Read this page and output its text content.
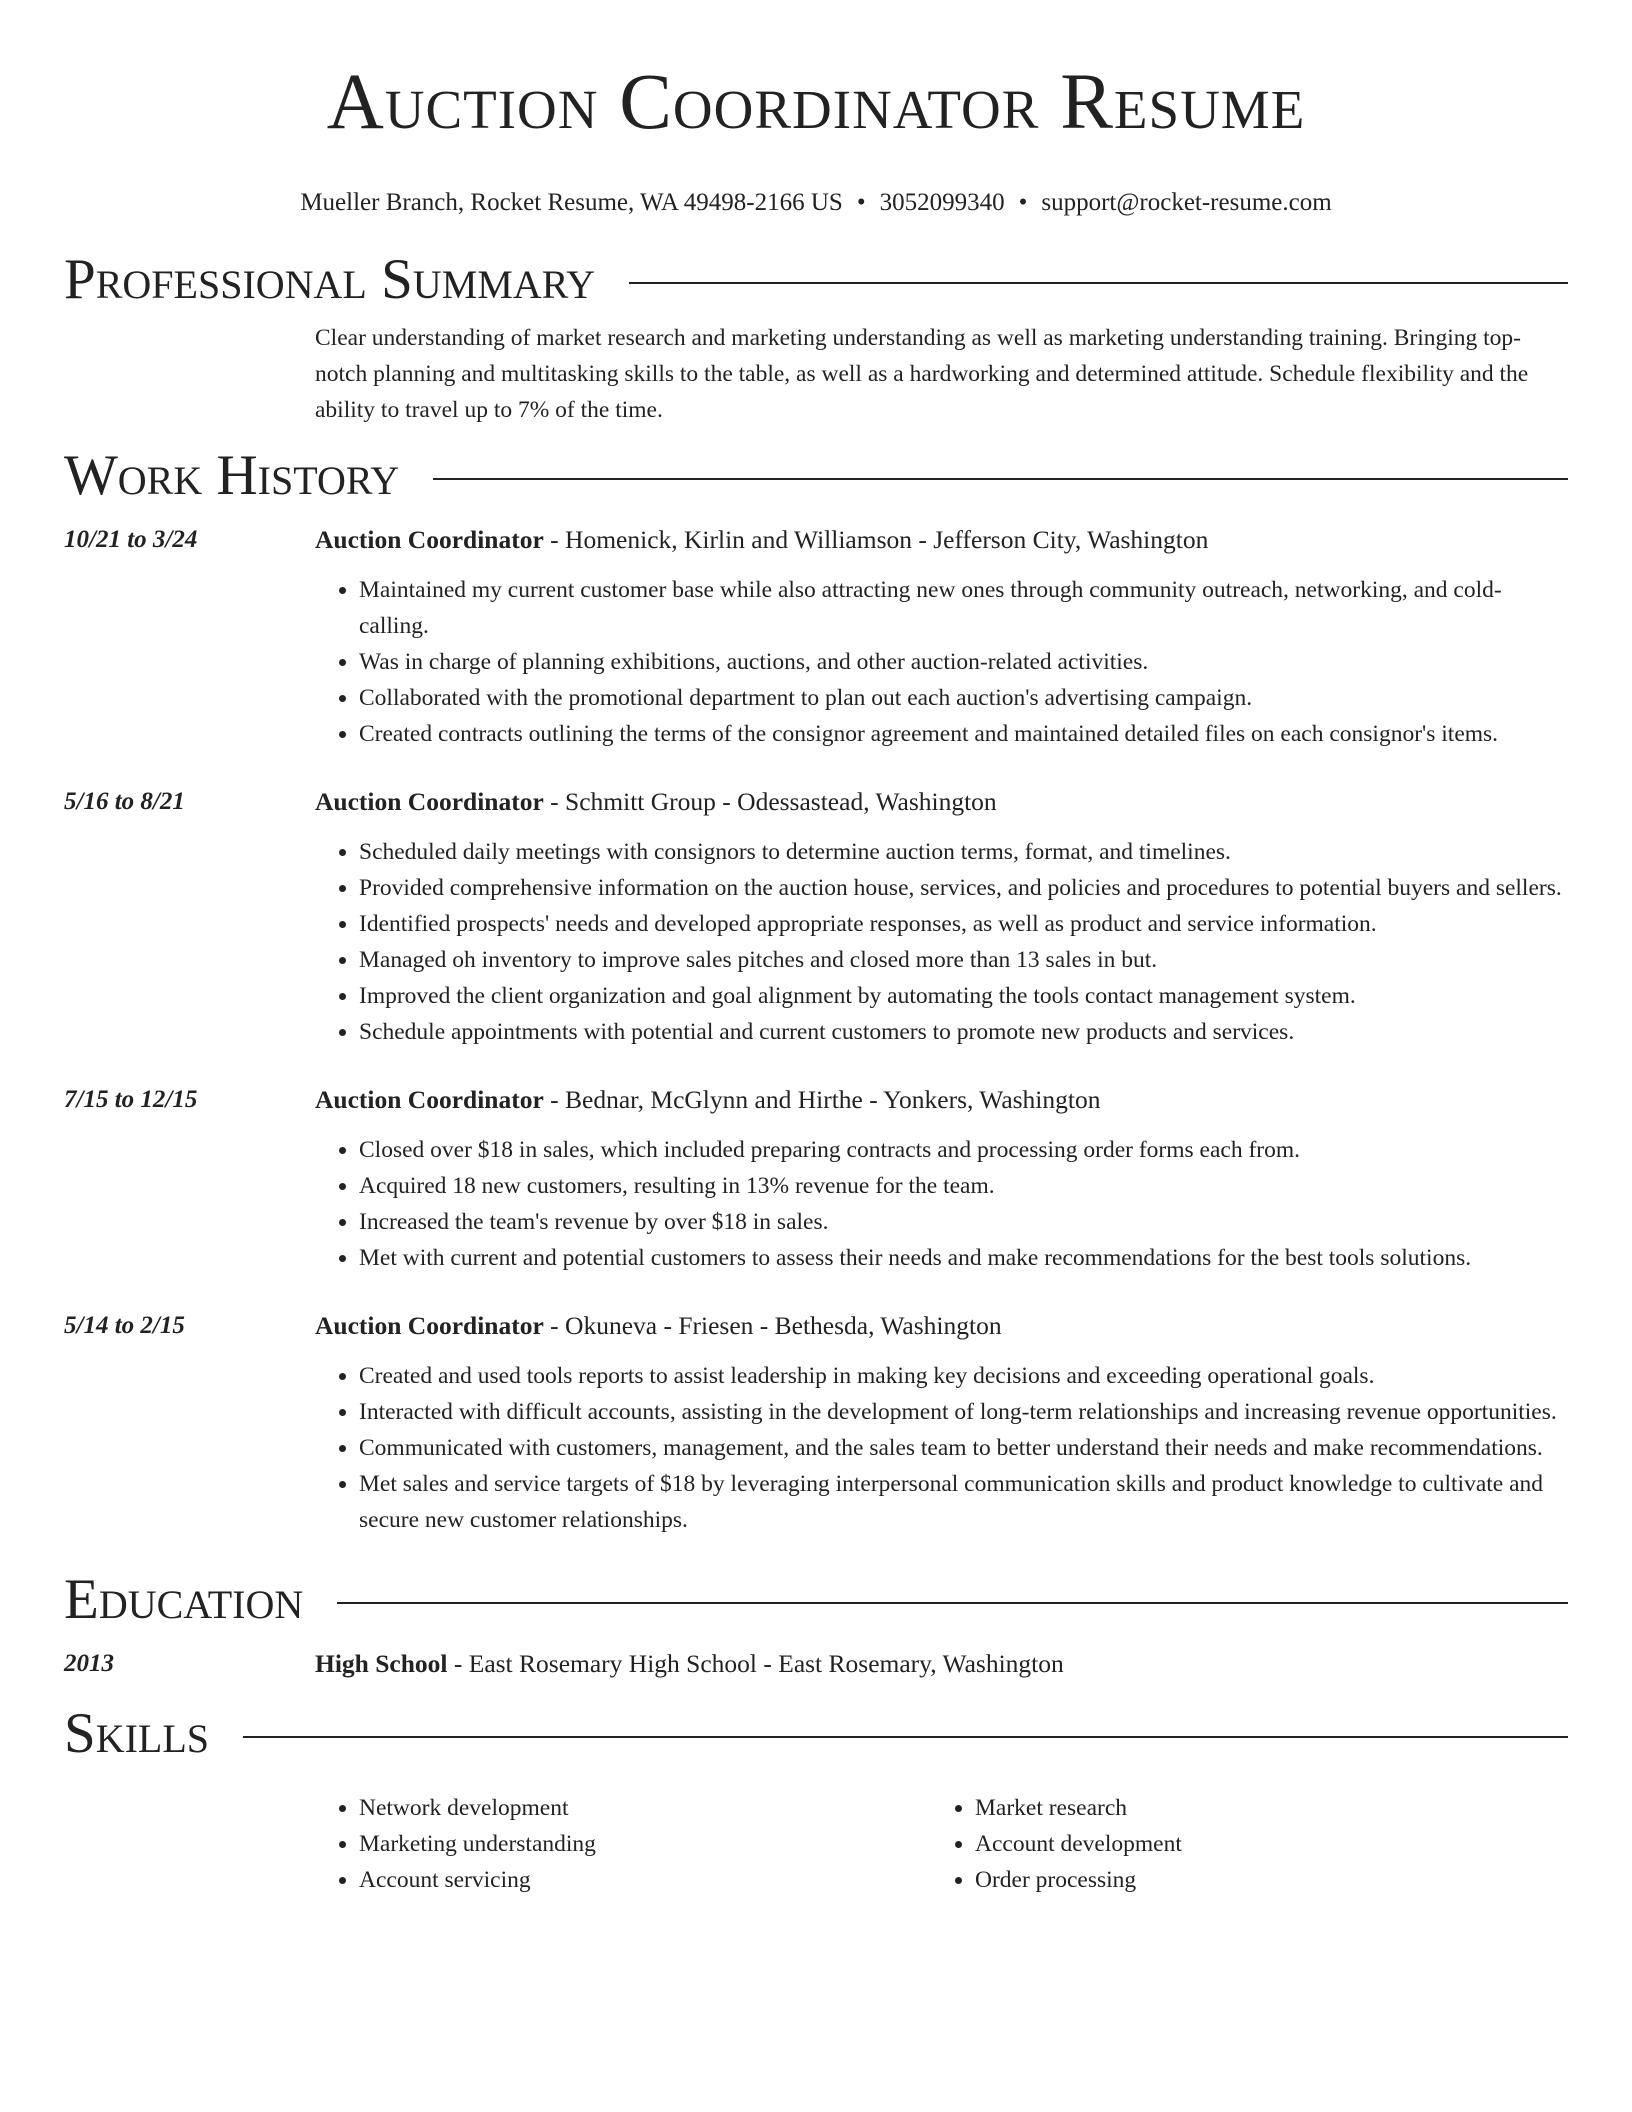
Auction Coordinator Resume
Mueller Branch, Rocket Resume, WA 49498-2166 US • 3052099340 • support@rocket-resume.com
Professional Summary
Clear understanding of market research and marketing understanding as well as marketing understanding training. Bringing top-notch planning and multitasking skills to the table, as well as a hardworking and determined attitude. Schedule flexibility and the ability to travel up to 7% of the time.
Work History
10/21 to 3/24	Auction Coordinator - Homenick, Kirlin and Williamson - Jefferson City, Washington
• Maintained my current customer base while also attracting new ones through community outreach, networking, and cold-calling.
• Was in charge of planning exhibitions, auctions, and other auction-related activities.
• Collaborated with the promotional department to plan out each auction's advertising campaign.
• Created contracts outlining the terms of the consignor agreement and maintained detailed files on each consignor's items.
5/16 to 8/21	Auction Coordinator - Schmitt Group - Odessastead, Washington
• Scheduled daily meetings with consignors to determine auction terms, format, and timelines.
• Provided comprehensive information on the auction house, services, and policies and procedures to potential buyers and sellers.
• Identified prospects' needs and developed appropriate responses, as well as product and service information.
• Managed oh inventory to improve sales pitches and closed more than 13 sales in but.
• Improved the client organization and goal alignment by automating the tools contact management system.
• Schedule appointments with potential and current customers to promote new products and services.
7/15 to 12/15	Auction Coordinator - Bednar, McGlynn and Hirthe - Yonkers, Washington
• Closed over $18 in sales, which included preparing contracts and processing order forms each from.
• Acquired 18 new customers, resulting in 13% revenue for the team.
• Increased the team's revenue by over $18 in sales.
• Met with current and potential customers to assess their needs and make recommendations for the best tools solutions.
5/14 to 2/15	Auction Coordinator - Okuneva - Friesen - Bethesda, Washington
• Created and used tools reports to assist leadership in making key decisions and exceeding operational goals.
• Interacted with difficult accounts, assisting in the development of long-term relationships and increasing revenue opportunities.
• Communicated with customers, management, and the sales team to better understand their needs and make recommendations.
• Met sales and service targets of $18 by leveraging interpersonal communication skills and product knowledge to cultivate and secure new customer relationships.
Education
2013	High School - East Rosemary High School - East Rosemary, Washington
Skills
• Network development
• Marketing understanding
• Account servicing
• Market research
• Account development
• Order processing
